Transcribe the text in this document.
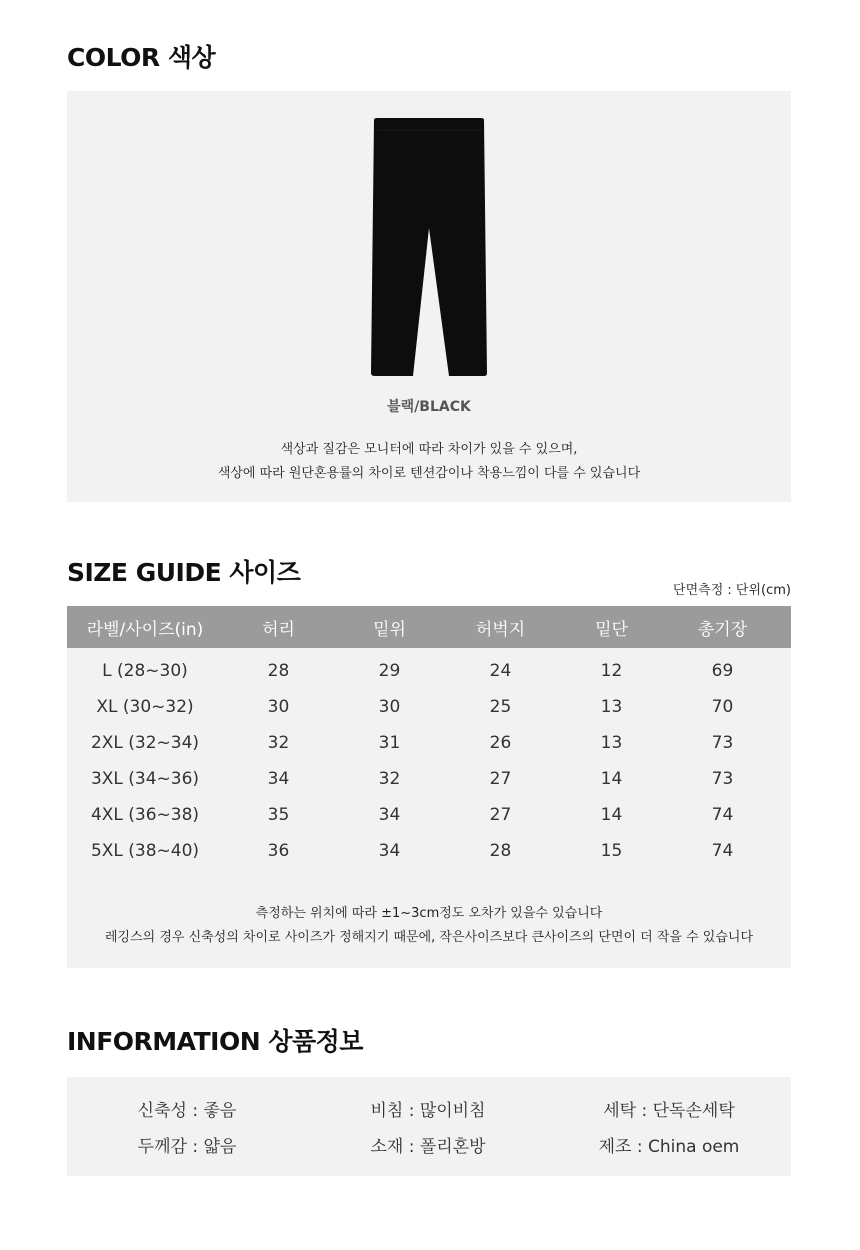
COLOR 색상
블랙/BLACK
색상과 질감은 모니터에 따라 차이가 있을 수 있으며,
색상에 따라 원단혼용률의 차이로 텐션감이나 착용느낌이 다를 수 있습니다
SIZE GUIDE 사이즈
단면측정 : 단위(cm)
라벨/사이즈(in)	허리	밑위	허벅지	밑단	총기장
L (28~30)	28	29	24	12	69
XL (30~32)	30	30	25	13	70
2XL (32~34)	32	31	26	13	73
3XL (34~36)	34	32	27	14	73
4XL (36~38)	35	34	27	14	74
5XL (38~40)	36	34	28	15	74
측정하는 위치에 따라 ±1~3cm정도 오차가 있을수 있습니다
레깅스의 경우 신축성의 차이로 사이즈가 정해지기 때문에, 작은사이즈보다 큰사이즈의 단면이 더 작을 수 있습니다
INFORMATION 상품정보
신축성 : 좋음	비침 : 많이비침	세탁 : 단독손세탁
두께감 : 얇음	소재 : 폴리혼방	제조 : China oem
